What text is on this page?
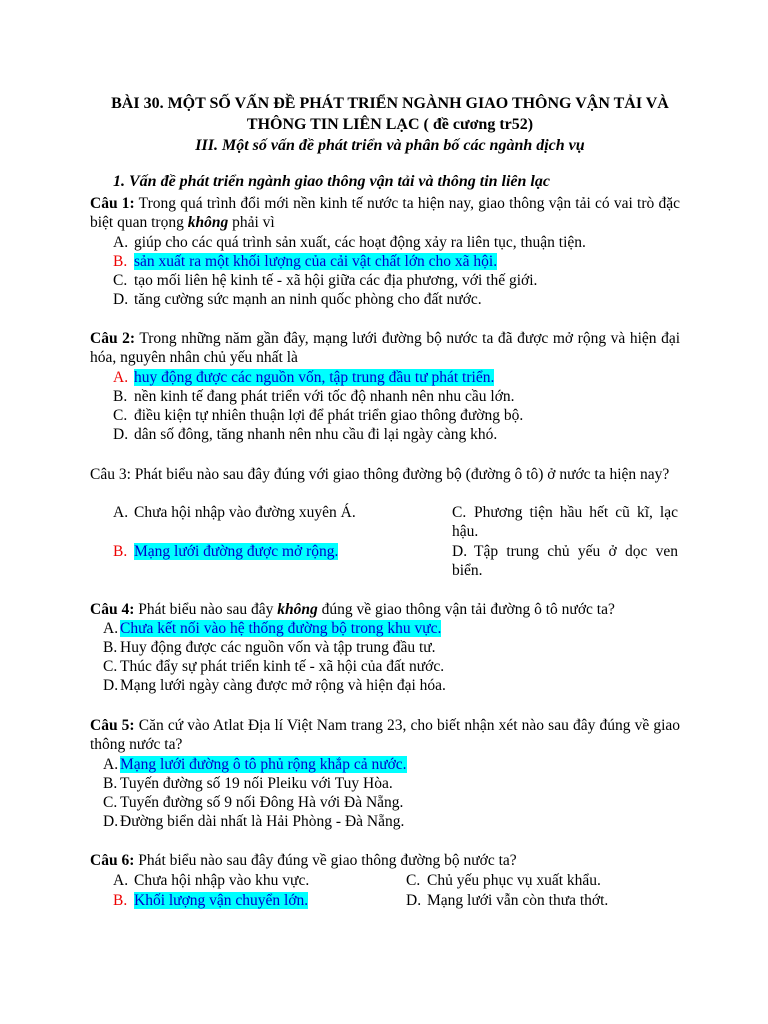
BÀI 30. MỘT SỐ VẤN ĐỀ PHÁT TRIỂN NGÀNH GIAO THÔNG VẬN TẢI VÀ
THÔNG TIN LIÊN LẠC ( đề cương tr52)
III. Một số vấn đề phát triển và phân bố các ngành dịch vụ
1. Vấn đề phát triển ngành giao thông vận tải và thông tin liên lạc
Câu 1: Trong quá trình đổi mới nền kinh tế nước ta hiện nay, giao thông vận tải có vai trò đặc biệt quan trọng không phải vì
A. giúp cho các quá trình sản xuất, các hoạt động xảy ra liên tục, thuận tiện.
B. sản xuất ra một khối lượng của cải vật chất lớn cho xã hội.
C. tạo mối liên hệ kinh tế - xã hội giữa các địa phương, với thế giới.
D. tăng cường sức mạnh an ninh quốc phòng cho đất nước.
Câu 2: Trong những năm gần đây, mạng lưới đường bộ nước ta đã được mở rộng và hiện đại hóa, nguyên nhân chủ yếu nhất là
A. huy động được các nguồn vốn, tập trung đầu tư phát triển.
B. nền kinh tế đang phát triển với tốc độ nhanh nên nhu cầu lớn.
C. điều kiện tự nhiên thuận lợi để phát triển giao thông đường bộ.
D. dân số đông, tăng nhanh nên nhu cầu đi lại ngày càng khó.
Câu 3: Phát biểu nào sau đây đúng với giao thông đường bộ (đường ô tô) ở nước ta hiện nay?
A. Chưa hội nhập vào đường xuyên Á.	C. Phương tiện hầu hết cũ kĩ, lạc hậu.
B. Mạng lưới đường được mở rộng.	D. Tập trung chủ yếu ở dọc ven biển.
Câu 4: Phát biểu nào sau đây không đúng về giao thông vận tải đường ô tô nước ta?
A. Chưa kết nối vào hệ thống đường bộ trong khu vực.
B. Huy động được các nguồn vốn và tập trung đầu tư.
C. Thúc đẩy sự phát triển kinh tế - xã hội của đất nước.
D. Mạng lưới ngày càng được mở rộng và hiện đại hóa.
Câu 5: Căn cứ vào Atlat Địa lí Việt Nam trang 23, cho biết nhận xét nào sau đây đúng về giao thông nước ta?
A. Mạng lưới đường ô tô phủ rộng khắp cả nước.
B. Tuyến đường số 19 nối Pleiku với Tuy Hòa.
C. Tuyến đường số 9 nối Đông Hà với Đà Nẵng.
D. Đường biển dài nhất là Hải Phòng - Đà Nẵng.
Câu 6: Phát biểu nào sau đây đúng về giao thông đường bộ nước ta?
A. Chưa hội nhập vào khu vực.	C. Chủ yếu phục vụ xuất khẩu.
B. Khối lượng vận chuyển lớn.	D. Mạng lưới vẫn còn thưa thớt.
